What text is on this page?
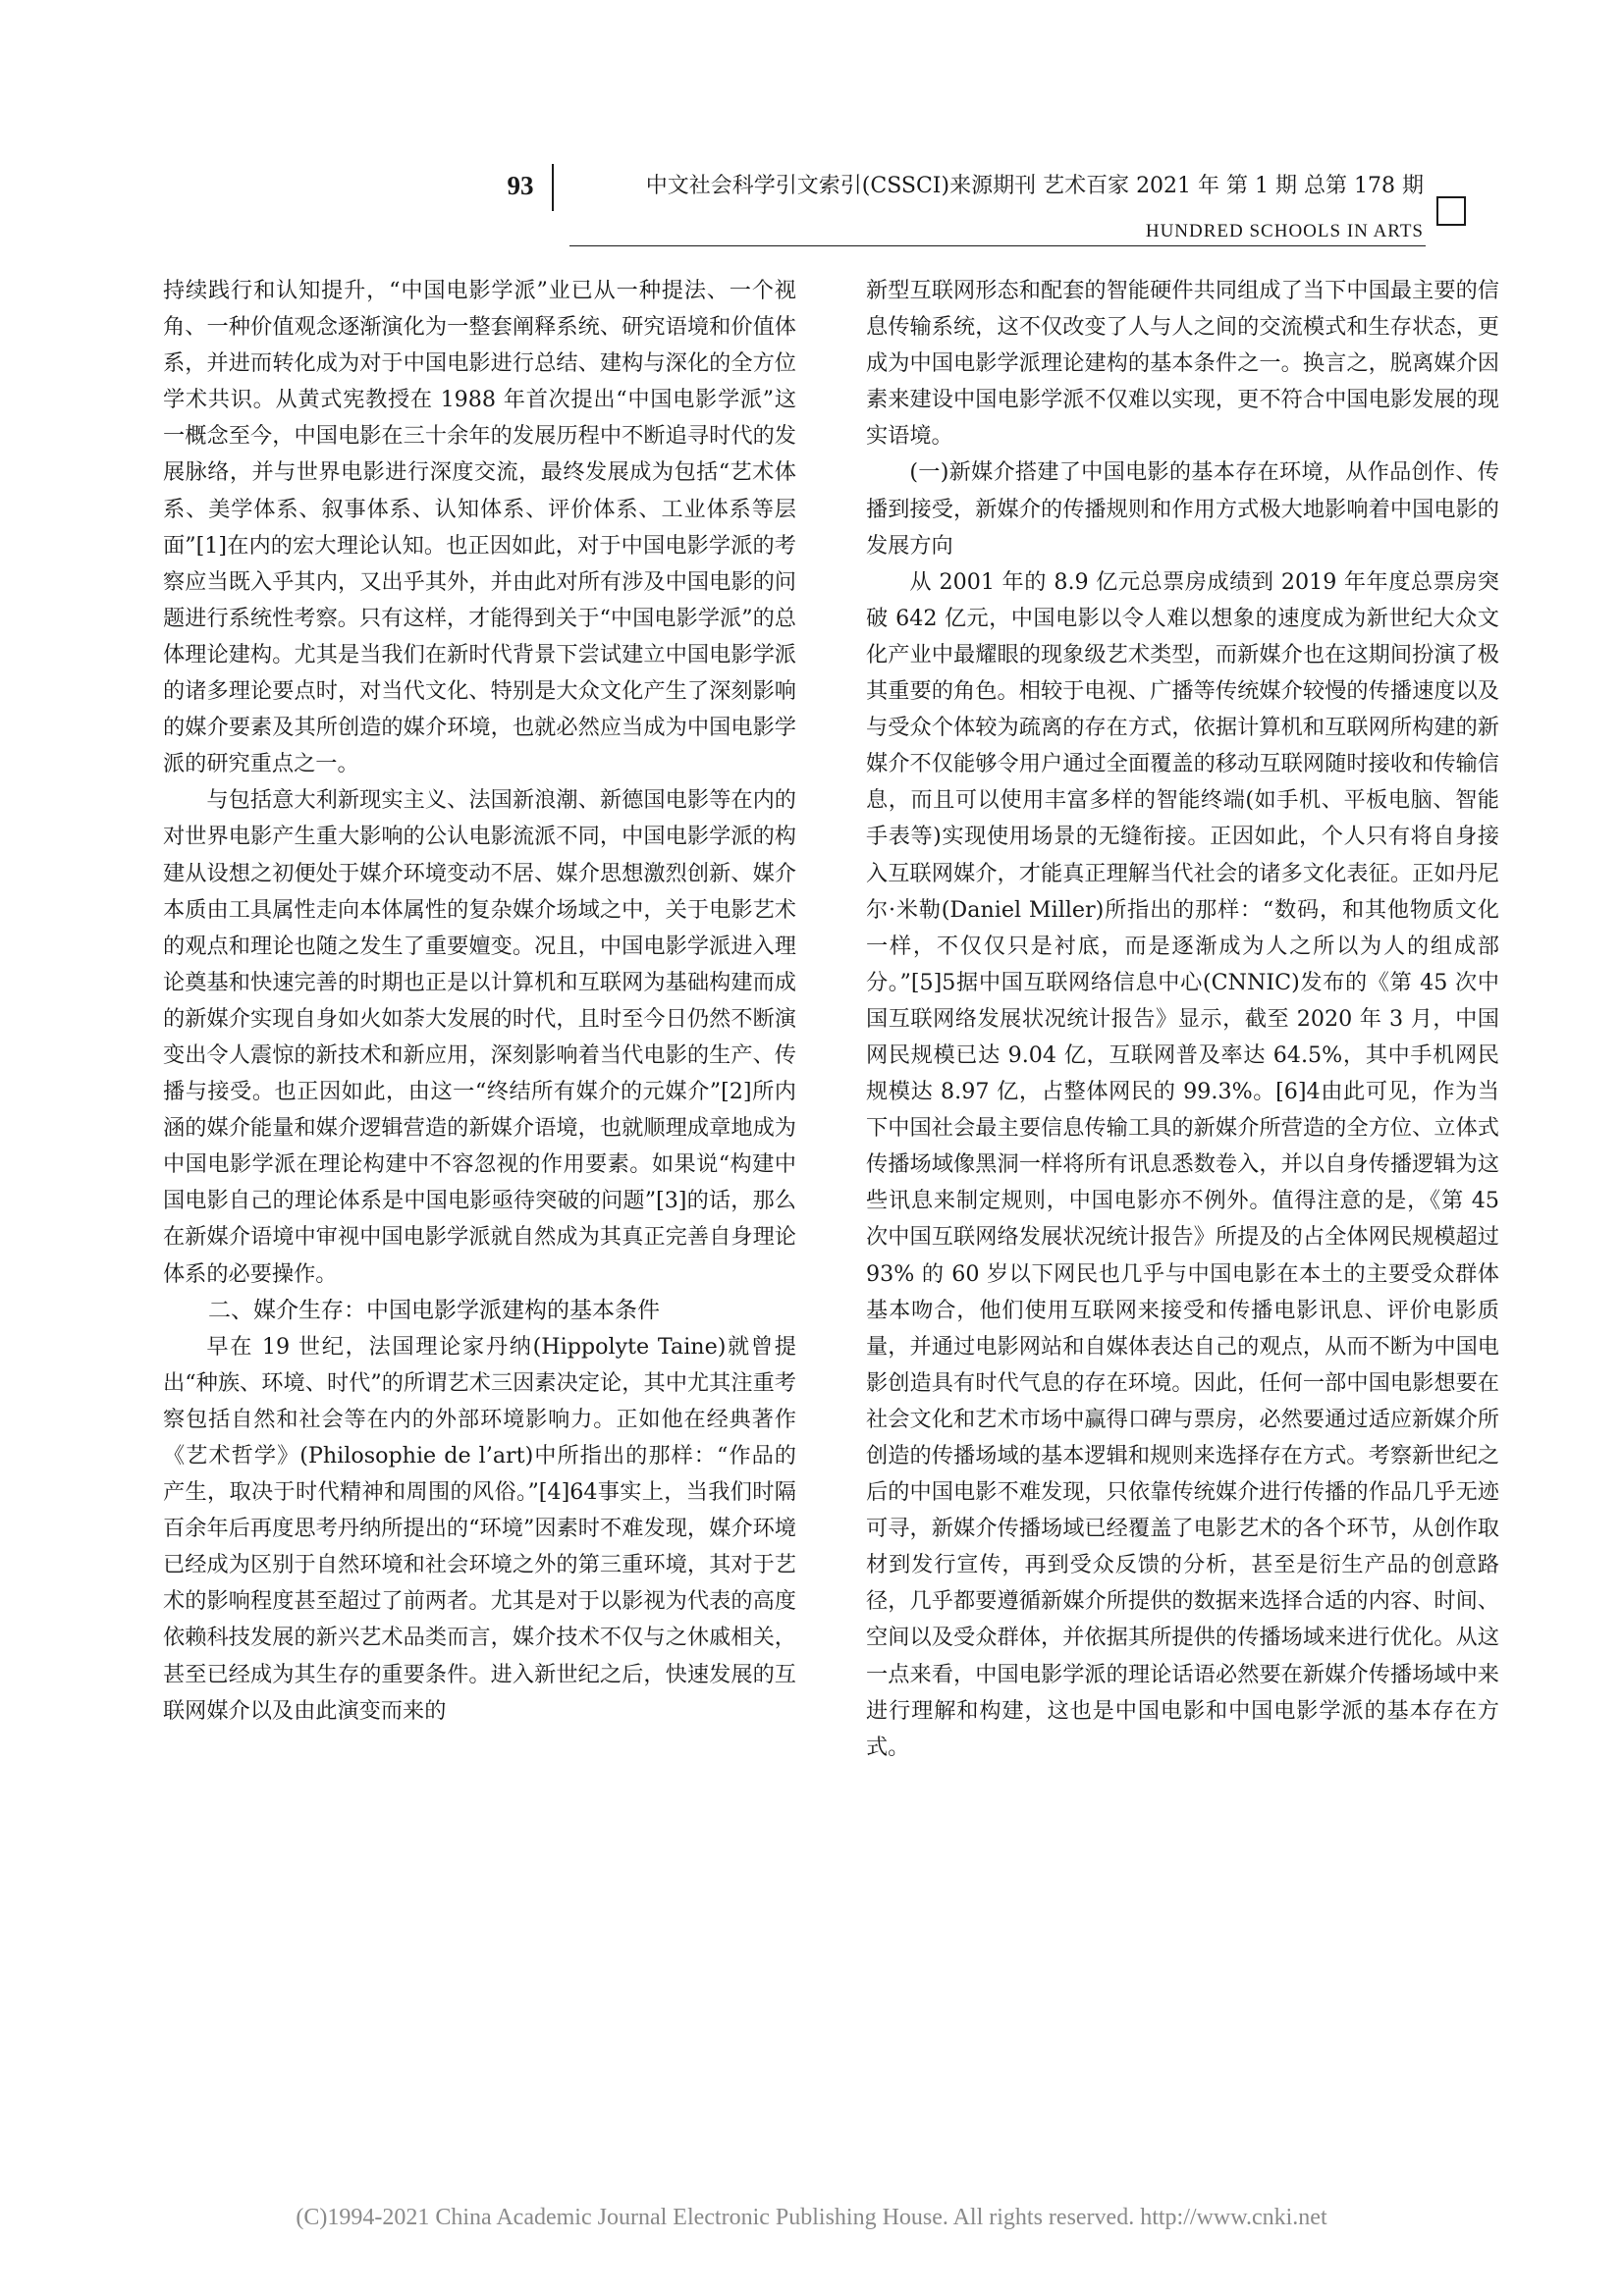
93	中文社会科学引文索引(CSSCI)来源期刊 艺术百家 2021 年 第 1 期 总第 178 期
HUNDRED SCHOOLS IN ARTS

持续践行和认知提升，“中国电影学派”业已从一种提法、一个视角、一种价值观念逐渐演化为一整套阐释系统、研究语境和价值体系，并进而转化成为对于中国电影进行总结、建构与深化的全方位学术共识。从黄式宪教授在 1988 年首次提出“中国电影学派”这一概念至今，中国电影在三十余年的发展历程中不断追寻时代的发展脉络，并与世界电影进行深度交流，最终发展成为包括“艺术体系、美学体系、叙事体系、认知体系、评价体系、工业体系等层面”[1]在内的宏大理论认知。也正因如此，对于中国电影学派的考察应当既入乎其内，又出乎其外，并由此对所有涉及中国电影的问题进行系统性考察。只有这样，才能得到关于“中国电影学派”的总体理论建构。尤其是当我们在新时代背景下尝试建立中国电影学派的诸多理论要点时，对当代文化、特别是大众文化产生了深刻影响的媒介要素及其所创造的媒介环境，也就必然应当成为中国电影学派的研究重点之一。

与包括意大利新现实主义、法国新浪潮、新德国电影等在内的对世界电影产生重大影响的公认电影流派不同，中国电影学派的构建从设想之初便处于媒介环境变动不居、媒介思想激烈创新、媒介本质由工具属性走向本体属性的复杂媒介场域之中，关于电影艺术的观点和理论也随之发生了重要嬗变。况且，中国电影学派进入理论奠基和快速完善的时期也正是以计算机和互联网为基础构建而成的新媒介实现自身如火如荼大发展的时代，且时至今日仍然不断演变出令人震惊的新技术和新应用，深刻影响着当代电影的生产、传播与接受。也正因如此，由这一“终结所有媒介的元媒介”[2]所内涵的媒介能量和媒介逻辑营造的新媒介语境，也就顺理成章地成为中国电影学派在理论构建中不容忽视的作用要素。如果说“构建中国电影自己的理论体系是中国电影亟待突破的问题”[3]的话，那么在新媒介语境中审视中国电影学派就自然成为其真正完善自身理论体系的必要操作。

二、媒介生存：中国电影学派建构的基本条件

早在 19 世纪，法国理论家丹纳(Hippolyte Taine)就曾提出“种族、环境、时代”的所谓艺术三因素决定论，其中尤其注重考察包括自然和社会等在内的外部环境影响力。正如他在经典著作《艺术哲学》(Philosophie de l’art)中所指出的那样：“作品的产生，取决于时代精神和周围的风俗。”[4]64事实上，当我们时隔百余年后再度思考丹纳所提出的“环境”因素时不难发现，媒介环境已经成为区别于自然环境和社会环境之外的第三重环境，其对于艺术的影响程度甚至超过了前两者。尤其是对于以影视为代表的高度依赖科技发展的新兴艺术品类而言，媒介技术不仅与之休戚相关，甚至已经成为其生存的重要条件。进入新世纪之后，快速发展的互联网媒介以及由此演变而来的

新型互联网形态和配套的智能硬件共同组成了当下中国最主要的信息传输系统，这不仅改变了人与人之间的交流模式和生存状态，更成为中国电影学派理论建构的基本条件之一。换言之，脱离媒介因素来建设中国电影学派不仅难以实现，更不符合中国电影发展的现实语境。

(一)新媒介搭建了中国电影的基本存在环境，从作品创作、传播到接受，新媒介的传播规则和作用方式极大地影响着中国电影的发展方向

从 2001 年的 8.9 亿元总票房成绩到 2019 年年度总票房突破 642 亿元，中国电影以令人难以想象的速度成为新世纪大众文化产业中最耀眼的现象级艺术类型，而新媒介也在这期间扮演了极其重要的角色。相较于电视、广播等传统媒介较慢的传播速度以及与受众个体较为疏离的存在方式，依据计算机和互联网所构建的新媒介不仅能够令用户通过全面覆盖的移动互联网随时接收和传输信息，而且可以使用丰富多样的智能终端(如手机、平板电脑、智能手表等)实现使用场景的无缝衔接。正因如此，个人只有将自身接入互联网媒介，才能真正理解当代社会的诸多文化表征。正如丹尼尔·米勒(Daniel Miller)所指出的那样：“数码，和其他物质文化一样，不仅仅只是衬底，而是逐渐成为人之所以为人的组成部分。”[5]5据中国互联网络信息中心(CNNIC)发布的《第 45 次中国互联网络发展状况统计报告》显示，截至 2020 年 3 月，中国网民规模已达 9.04 亿，互联网普及率达 64.5%，其中手机网民规模达 8.97 亿，占整体网民的 99.3%。[6]4由此可见，作为当下中国社会最主要信息传输工具的新媒介所营造的全方位、立体式传播场域像黑洞一样将所有讯息悉数卷入，并以自身传播逻辑为这些讯息来制定规则，中国电影亦不例外。值得注意的是，《第 45 次中国互联网络发展状况统计报告》所提及的占全体网民规模超过 93% 的 60 岁以下网民也几乎与中国电影在本土的主要受众群体基本吻合，他们使用互联网来接受和传播电影讯息、评价电影质量，并通过电影网站和自媒体表达自己的观点，从而不断为中国电影创造具有时代气息的存在环境。因此，任何一部中国电影想要在社会文化和艺术市场中赢得口碑与票房，必然要通过适应新媒介所创造的传播场域的基本逻辑和规则来选择存在方式。考察新世纪之后的中国电影不难发现，只依靠传统媒介进行传播的作品几乎无迹可寻，新媒介传播场域已经覆盖了电影艺术的各个环节，从创作取材到发行宣传，再到受众反馈的分析，甚至是衍生产品的创意路径，几乎都要遵循新媒介所提供的数据来选择合适的内容、时间、空间以及受众群体，并依据其所提供的传播场域来进行优化。从这一点来看，中国电影学派的理论话语必然要在新媒介传播场域中来进行理解和构建，这也是中国电影和中国电影学派的基本存在方式。

(C)1994-2021 China Academic Journal Electronic Publishing House. All rights reserved. http://www.cnki.net
